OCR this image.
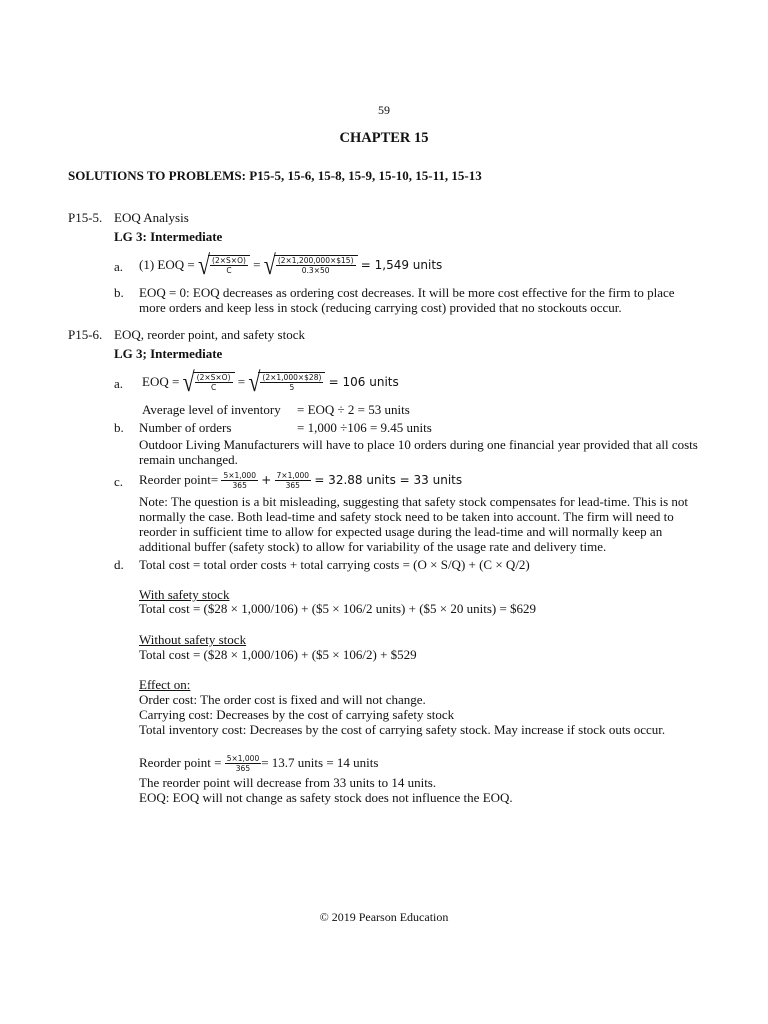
59
CHAPTER 15
SOLUTIONS TO PROBLEMS: P15-5, 15-6, 15-8, 15-9, 15-10, 15-11, 15-13
P15-5. EOQ Analysis
LG 3: Intermediate
a. (1) EOQ =
√ $\frac{(2\times S\times O)}{C}$
=
√ $\frac{(2\times 1,200,000\times\$15)}{0.3\times 50}$
= 1,549 units
b. EOQ = 0: EOQ decreases as ordering cost decreases. It will be more cost effective for the firm to place more orders and keep less in stock (reducing carrying cost) provided that no stockouts occur.
P15-6. EOQ, reorder point, and safety stock
LG 3; Intermediate
a. EOQ =
√ $\frac{(2\times S\times O)}{C}$
=
√ $\frac{(2\times 1,000\times\$28)}{5}$
= 106 units
Average level of inventory = EOQ ÷ 2 = 53 units
b. Number of orders	= 1,000 ÷106 = 9.45 units
Outdoor Living Manufacturers will have to place 10 orders during one financial year provided that all costs remain unchanged.
c. Reorder point=
$\frac{5\times 1,000}{365}$
+
$\frac{7\times 1,000}{365}$
= 32.88 units = 33 units
Note: The question is a bit misleading, suggesting that safety stock compensates for lead-time. This is not normally the case. Both lead-time and safety stock need to be taken into account. The firm will need to reorder in sufficient time to allow for expected usage during the lead-time and will normally keep an additional buffer (safety stock) to allow for variability of the usage rate and delivery time.
d. Total cost = total order costs + total carrying costs = (O × S/Q) + (C × Q/2)
With safety stock
Total cost = ($28 × 1,000/106) + ($5 × 106/2 units) + ($5 × 20 units) = $629
Without safety stock
Total cost = ($28 × 1,000/106) + ($5 × 106/2) + $529
Effect on:
Order cost: The order cost is fixed and will not change.
Carrying cost: Decreases by the cost of carrying safety stock
Total inventory cost: Decreases by the cost of carrying safety stock. May increase if stock outs occur.
Reorder point =
$\frac{5\times 1,000}{365} = 13.7$ units = 14 units
The reorder point will decrease from 33 units to 14 units.
EOQ: EOQ will not change as safety stock does not influence the EOQ.
© 2019 Pearson Education
